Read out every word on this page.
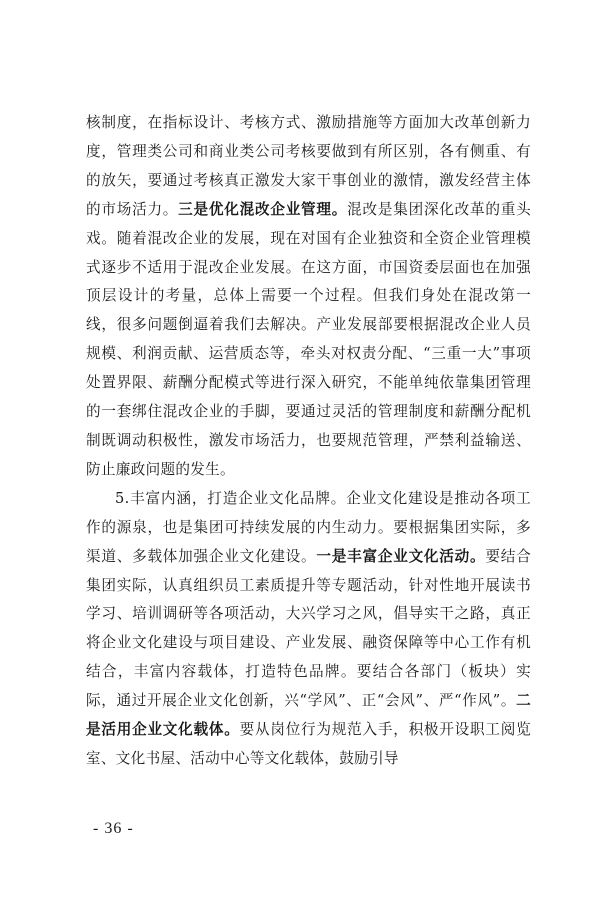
核制度，在指标设计、考核方式、激励措施等方面加大改革创新力度，管理类公司和商业类公司考核要做到有所区别，各有侧重、有的放矢，要通过考核真正激发大家干事创业的激情，激发经营主体的市场活力。三是优化混改企业管理。混改是集团深化改革的重头戏。随着混改企业的发展，现在对国有企业独资和全资企业管理模式逐步不适用于混改企业发展。在这方面，市国资委层面也在加强顶层设计的考量，总体上需要一个过程。但我们身处在混改第一线，很多问题倒逼着我们去解决。产业发展部要根据混改企业人员规模、利润贡献、运营质态等，牵头对权责分配、“三重一大”事项处置界限、薪酬分配模式等进行深入研究，不能单纯依靠集团管理的一套绑住混改企业的手脚，要通过灵活的管理制度和薪酬分配机制既调动积极性，激发市场活力，也要规范管理，严禁利益输送、防止廉政问题的发生。

5.丰富内涵，打造企业文化品牌。企业文化建设是推动各项工作的源泉，也是集团可持续发展的内生动力。要根据集团实际，多渠道、多载体加强企业文化建设。一是丰富企业文化活动。要结合集团实际，认真组织员工素质提升等专题活动，针对性地开展读书学习、培训调研等各项活动，大兴学习之风，倡导实干之路，真正将企业文化建设与项目建设、产业发展、融资保障等中心工作有机结合，丰富内容载体，打造特色品牌。要结合各部门（板块）实际，通过开展企业文化创新，兴“学风”、正“会风”、严“作风”。二是活用企业文化载体。要从岗位行为规范入手，积极开设职工阅览室、文化书屋、活动中心等文化载体，鼓励引导

- 36 -
